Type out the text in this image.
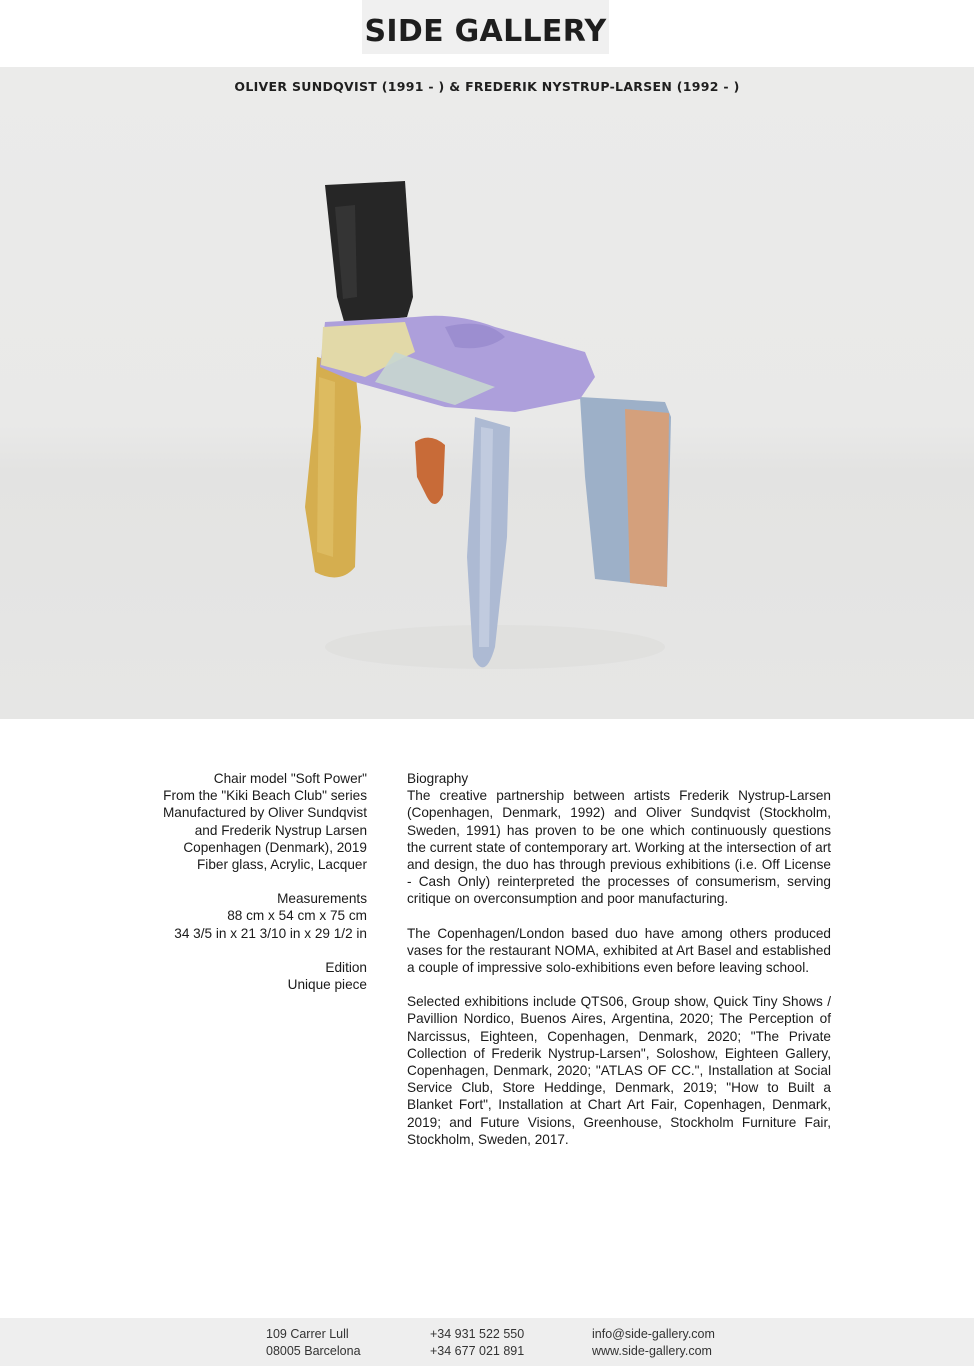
SIDE GALLERY
OLIVER SUNDQVIST (1991 - ) & FREDERIK NYSTRUP-LARSEN (1992 - )
Chair model "Soft Power"
From the "Kiki Beach Club" series
Manufactured by Oliver Sundqvist
and Frederik Nystrup Larsen
Copenhagen (Denmark), 2019
Fiber glass, Acrylic, Lacquer
Measurements
88 cm x 54 cm x 75 cm
34 3/5 in x 21 3/10 in x 29 1/2 in
Edition
Unique piece
Biography

The creative partnership between artists Frederik Nystrup-Larsen (Copenhagen, Denmark, 1992) and Oliver Sundqvist (Stockholm, Sweden, 1991) has proven to be one which continuously questions the current state of contemporary art. Working at the intersection of art and design, the duo has through previous exhibitions (i.e. Off License - Cash Only) reinterpreted the processes of consumerism, serving critique on overconsumption and poor manufacturing.

The Copenhagen/London based duo have among others produced vases for the restaurant NOMA, exhibited at Art Basel and established a couple of impressive solo-exhibitions even before leaving school.

Selected exhibitions include QTS06, Group show, Quick Tiny Shows / Pavillion Nordico, Buenos Aires, Argentina, 2020; The Perception of Narcissus, Eighteen, Copenhagen, Denmark, 2020; "The Private Collection of Frederik Nystrup-Larsen", Soloshow, Eighteen Gallery, Copenhagen, Denmark, 2020; "ATLAS OF CC.", Installation at Social Service Club, Store Heddinge, Denmark, 2019; "How to Built a Blanket Fort", Installation at Chart Art Fair, Copenhagen, Denmark, 2019; and Future Visions, Greenhouse, Stockholm Furniture Fair, Stockholm, Sweden, 2017.

109 Carrer Lull
08005 Barcelona
+34 931 522 550
+34 677 021 891
info@side-gallery.com
www.side-gallery.com
